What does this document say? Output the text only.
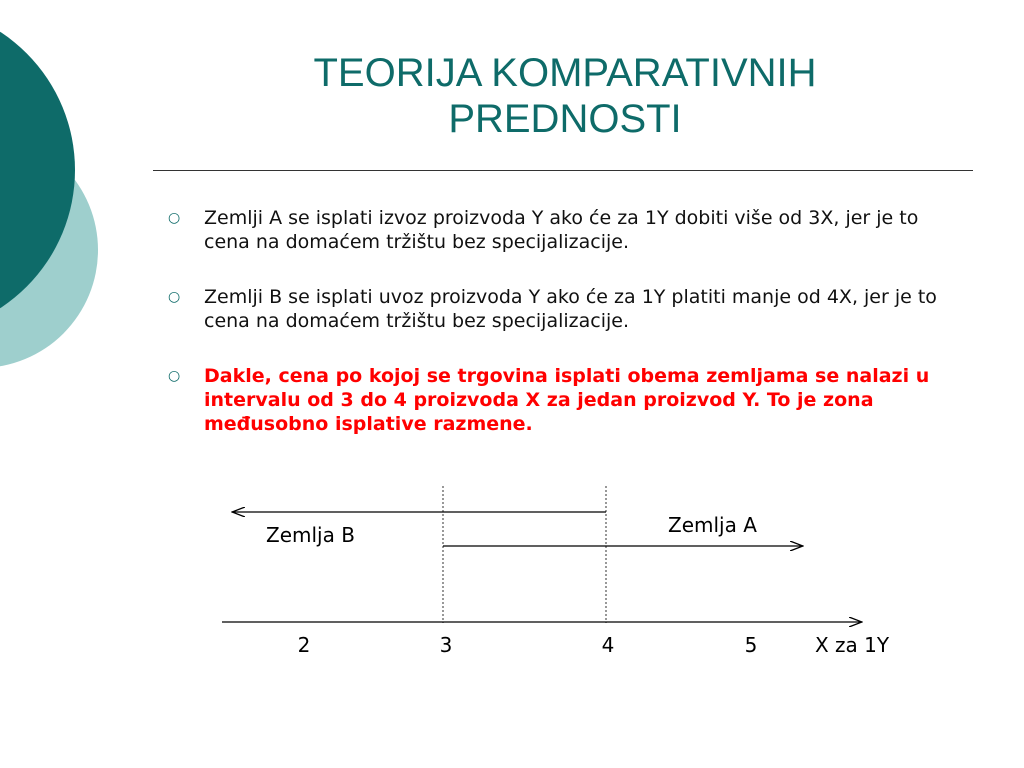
TEORIJA KOMPARATIVNIH
PREDNOSTI
○	Zemlji A se isplati izvoz proizvoda Y ako će za 1Y dobiti više od 3X, jer je to cena na domaćem tržištu bez specijalizacije.
○	Zemlji B se isplati uvoz proizvoda Y ako će za 1Y platiti manje od 4X, jer je to cena na domaćem tržištu bez specijalizacije.
○	Dakle, cena po kojoj se trgovina isplati obema zemljama se nalazi u intervalu od 3 do 4 proizvoda X za jedan proizvod Y. To je zona međusobno isplative razmene.
Zemlja B	Zemlja A
2	3	4	5	X za 1Y
